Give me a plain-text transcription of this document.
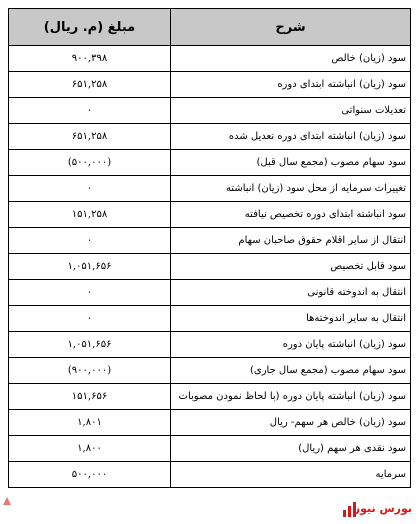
شرح	مبلغ (م. ریال)
سود (زیان) خالص	۹۰۰,۳۹۸
سود (زیان) انباشته ابتدای دوره	۶۵۱,۲۵۸
تعدیلات سنواتی	۰
سود (زیان) انباشته ابتدای دوره تعدیل شده	۶۵۱,۲۵۸
سود سهام مصوب (مجمع سال قبل)	(۵۰۰,۰۰۰)
تغییرات سرمایه از محل سود (زیان) انباشته	۰
سود انباشته ابتدای دوره تخصیص نیافته	۱۵۱,۲۵۸
انتقال از سایر اقلام حقوق صاحبان سهام	۰
سود قابل تخصیص	۱,۰۵۱,۶۵۶
انتقال به اندوخته قانونی	۰
انتقال به سایر اندوخته‌ها	۰
سود (زیان) انباشته پایان دوره	۱,۰۵۱,۶۵۶
سود سهام مصوب (مجمع سال جاری)	(۹۰۰,۰۰۰)
سود (زیان) انباشته پایان دوره (با لحاظ نمودن مصوبات	۱۵۱,۶۵۶
سود (زیان) خالص هر سهم- ریال	۱,۸۰۱
سود نقدی هر سهم (ریال)	۱,۸۰۰
سرمایه	۵۰۰,۰۰۰
بورس نیوز
